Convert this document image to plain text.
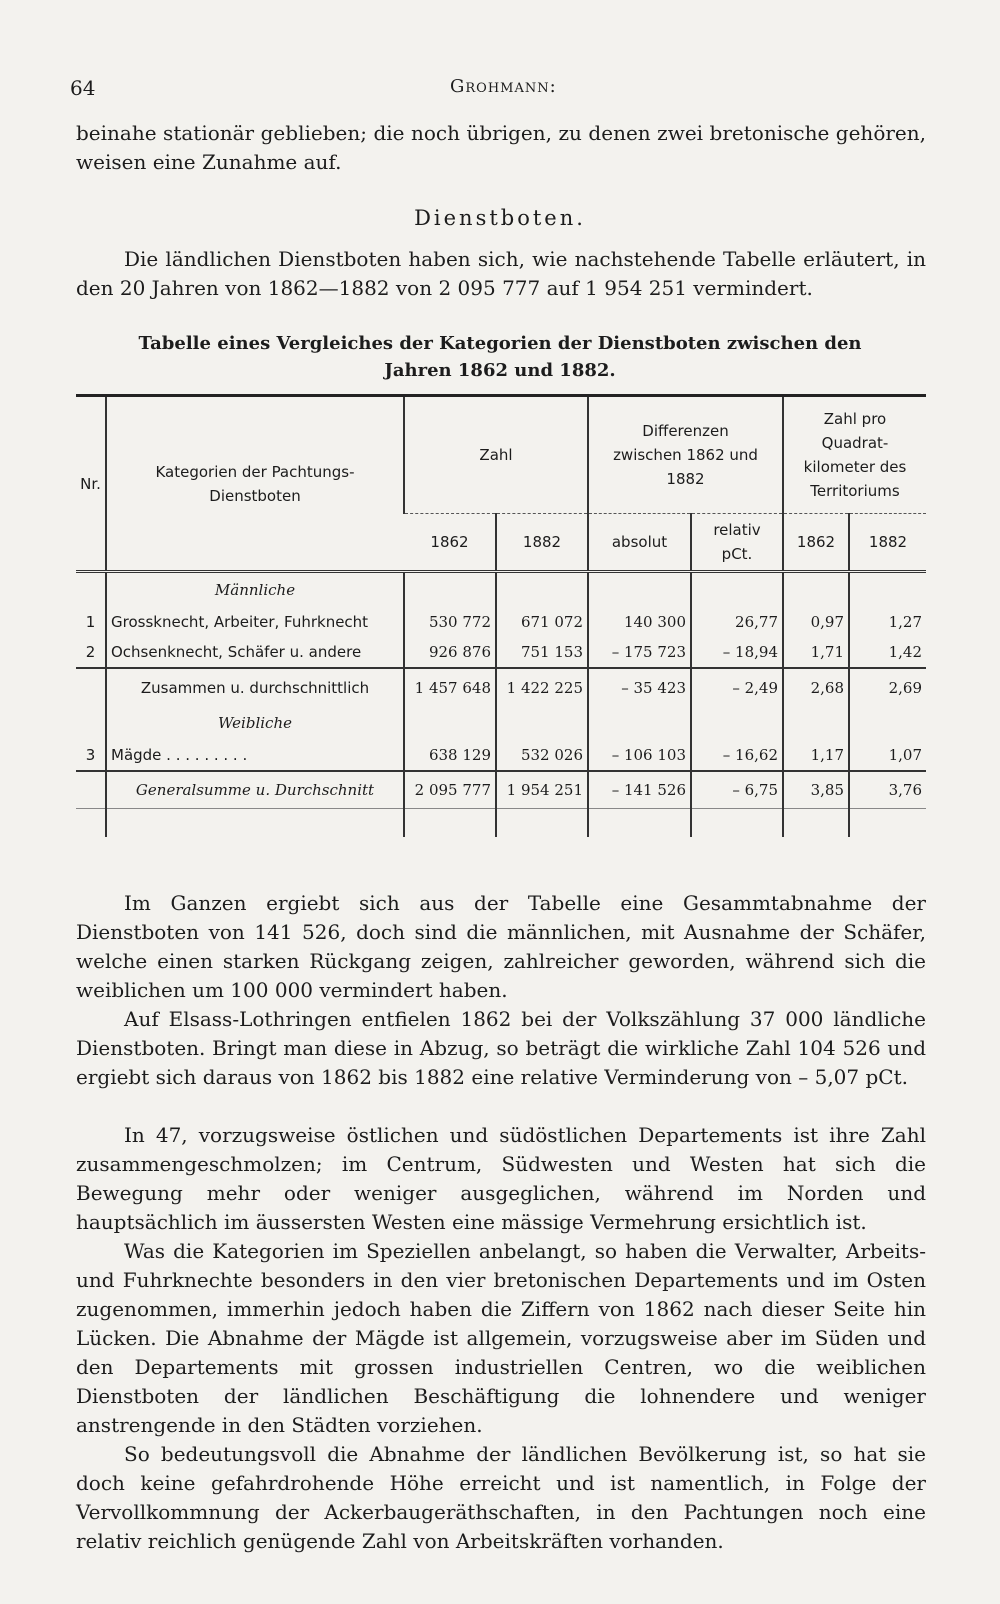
64	Grohmann:
beinahe stationär geblieben; die noch übrigen, zu denen zwei bretonische gehören, weisen eine Zunahme auf.
Dienstboten.
Die ländlichen Dienstboten haben sich, wie nachstehende Tabelle erläutert, in den 20 Jahren von 1862—1882 von 2 095 777 auf 1 954 251 vermindert.
Tabelle eines Vergleiches der Kategorien der Dienstboten zwischen den Jahren 1862 und 1882.
Nr.	Kategorien der Pachtungs-Dienstboten	Zahl		Differenzen zwischen 1862 und 1882		Zahl pro Quadrat-kilometer des Territoriums	
		1862	1882	absolut	relativ pCt.	1862	1882
	Männliche						
1	Grossknecht, Arbeiter, Fuhrknecht	530 772	671 072	140 300	26,77	0,97	1,27
2	Ochsenknecht, Schäfer u. andere	926 876	751 153	– 175 723	– 18,94	1,71	1,42
	Zusammen u. durchschnittlich	1 457 648	1 422 225	– 35 423	– 2,49	2,68	2,69
	Weibliche						
3	Mägde . . . . . . . . .	638 129	532 026	– 106 103	– 16,62	1,17	1,07
	Generalsumme u. Durchschnitt	2 095 777	1 954 251	– 141 526	– 6,75	3,85	3,76

Im Ganzen ergiebt sich aus der Tabelle eine Gesammtabnahme der Dienstboten von 141 526, doch sind die männlichen, mit Ausnahme der Schäfer, welche einen starken Rückgang zeigen, zahlreicher geworden, während sich die weiblichen um 100 000 vermindert haben.
Auf Elsass-Lothringen entfielen 1862 bei der Volkszählung 37 000 ländliche Dienstboten. Bringt man diese in Abzug, so beträgt die wirkliche Zahl 104 526 und ergiebt sich daraus von 1862 bis 1882 eine relative Verminderung von – 5,07 pCt.
In 47, vorzugsweise östlichen und südöstlichen Departements ist ihre Zahl zusammengeschmolzen; im Centrum, Südwesten und Westen hat sich die Bewegung mehr oder weniger ausgeglichen, während im Norden und hauptsächlich im äussersten Westen eine mässige Vermehrung ersichtlich ist.
Was die Kategorien im Speziellen anbelangt, so haben die Verwalter, Arbeits- und Fuhrknechte besonders in den vier bretonischen Departements und im Osten zugenommen, immerhin jedoch haben die Ziffern von 1862 nach dieser Seite hin Lücken. Die Abnahme der Mägde ist allgemein, vorzugsweise aber im Süden und den Departements mit grossen industriellen Centren, wo die weiblichen Dienstboten der ländlichen Beschäftigung die lohnendere und weniger anstrengende in den Städten vorziehen.
So bedeutungsvoll die Abnahme der ländlichen Bevölkerung ist, so hat sie doch keine gefahrdrohende Höhe erreicht und ist namentlich, in Folge der Vervollkommnung der Ackerbaugeräthschaften, in den Pachtungen noch eine relativ reichlich genügende Zahl von Arbeitskräften vorhanden.
